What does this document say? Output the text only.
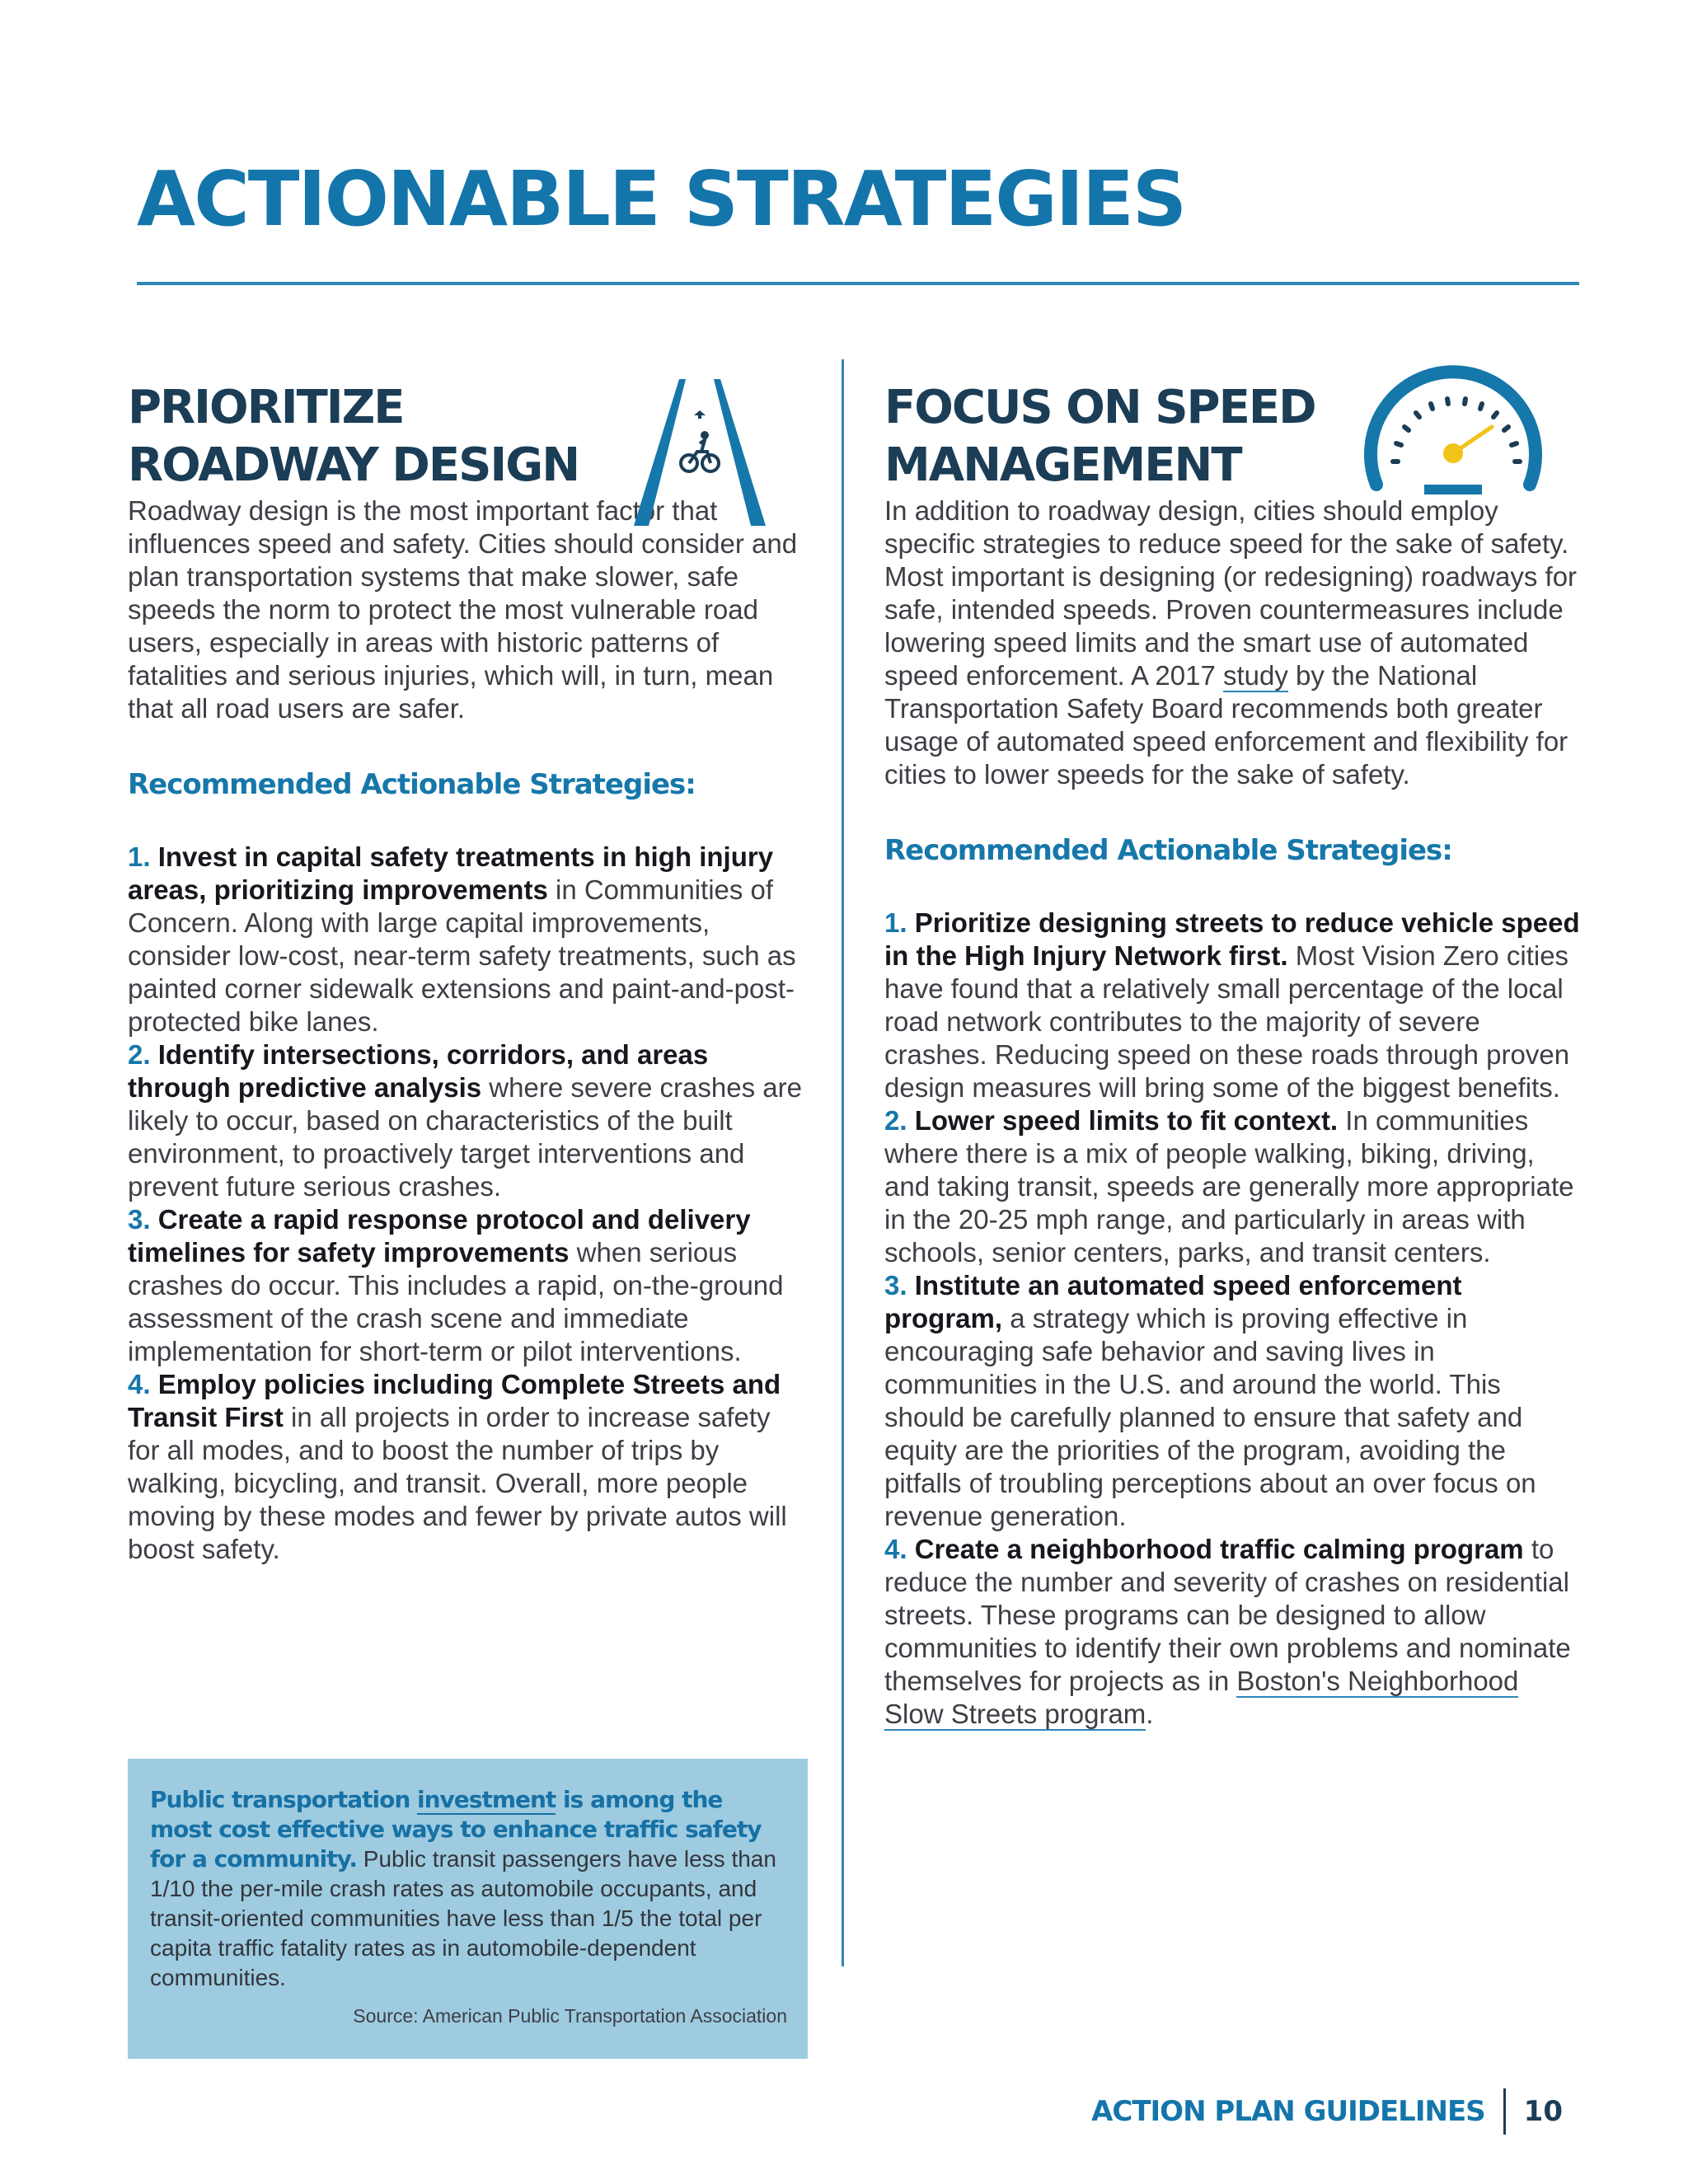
ACTIONABLE STRATEGIES
PRIORITIZE
ROADWAY DESIGN

Roadway design is the most important factor that influences speed and safety. Cities should consider and plan transportation systems that make slower, safe speeds the norm to protect the most vulnerable road users, especially in areas with historic patterns of fatalities and serious injuries, which will, in turn, mean that all road users are safer.

Recommended Actionable Strategies:

1. Invest in capital safety treatments in high injury areas, prioritizing improvements in Communities of Concern. Along with large capital improvements, consider low-cost, near-term safety treatments, such as painted corner sidewalk extensions and paint-and-post-protected bike lanes.

2. Identify intersections, corridors, and areas through predictive analysis where severe crashes are likely to occur, based on characteristics of the built environment, to proactively target interventions and prevent future serious crashes.

3. Create a rapid response protocol and delivery timelines for safety improvements when serious crashes do occur. This includes a rapid, on-the-ground assessment of the crash scene and immediate implementation for short-term or pilot interventions.

4. Employ policies including Complete Streets and Transit First in all projects in order to increase safety for all modes, and to boost the number of trips by walking, bicycling, and transit. Overall, more people moving by these modes and fewer by private autos will boost safety.

Public transportation investment is among the most cost effective ways to enhance traffic safety for a community. Public transit passengers have less than 1/10 the per-mile crash rates as automobile occupants, and transit-oriented communities have less than 1/5 the total per capita traffic fatality rates as in automobile-dependent communities.

Source: American Public Transportation Association

FOCUS ON SPEED
MANAGEMENT

In addition to roadway design, cities should employ specific strategies to reduce speed for the sake of safety. Most important is designing (or redesigning) roadways for safe, intended speeds. Proven countermeasures include lowering speed limits and the smart use of automated speed enforcement. A 2017 study by the National Transportation Safety Board recommends both greater usage of automated speed enforcement and flexibility for cities to lower speeds for the sake of safety.

Recommended Actionable Strategies:

1. Prioritize designing streets to reduce vehicle speed in the High Injury Network first. Most Vision Zero cities have found that a relatively small percentage of the local road network contributes to the majority of severe crashes. Reducing speed on these roads through proven design measures will bring some of the biggest benefits.

2. Lower speed limits to fit context. In communities where there is a mix of people walking, biking, driving, and taking transit, speeds are generally more appropriate in the 20-25 mph range, and particularly in areas with schools, senior centers, parks, and transit centers.

3. Institute an automated speed enforcement program, a strategy which is proving effective in encouraging safe behavior and saving lives in communities in the U.S. and around the world. This should be carefully planned to ensure that safety and equity are the priorities of the program, avoiding the pitfalls of troubling perceptions about an over focus on revenue generation.

4. Create a neighborhood traffic calming program to reduce the number and severity of crashes on residential streets. These programs can be designed to allow communities to identify their own problems and nominate themselves for projects as in Boston's Neighborhood Slow Streets program.

ACTION PLAN GUIDELINES 10
